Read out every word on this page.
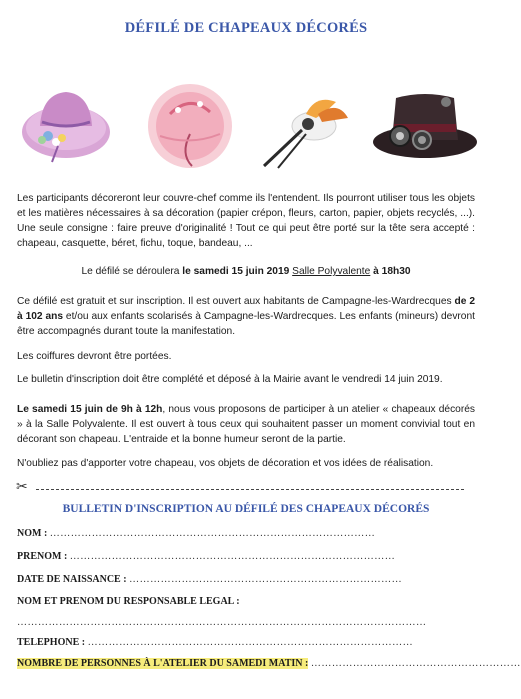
DÉFILÉ DE CHAPEAUX DÉCORÉS

Les participants décoreront leur couvre-chef comme ils l'entendent. Ils pourront utiliser tous les objets et les matières nécessaires à sa décoration (papier crépon, fleurs, carton, papier, objets recyclés, ...). Une seule consigne : faire preuve d'originalité ! Tout ce qui peut être porté sur la tête sera accepté : chapeau, casquette, béret, fichu, toque, bandeau, ...

Le défilé se déroulera le samedi 15 juin 2019 Salle Polyvalente à 18h30

Ce défilé est gratuit et sur inscription. Il est ouvert aux habitants de Campagne-les-Wardrecques de 2 à 102 ans et/ou aux enfants scolarisés à Campagne-les-Wardrecques. Les enfants (mineurs) devront être accompagnés durant toute la manifestation.

Les coiffures devront être portées.

Le bulletin d'inscription doit être complété et déposé à la Mairie avant le vendredi 14 juin 2019.

Le samedi 15 juin de 9h à 12h, nous vous proposons de participer à un atelier « chapeaux décorés » à la Salle Polyvalente. Il est ouvert à tous ceux qui souhaitent passer un moment convivial tout en décorant son chapeau. L'entraide et la bonne humeur seront de la partie.

N'oubliez pas d'apporter votre chapeau, vos objets de décoration et vos idées de réalisation.

✂
BULLETIN D'INSCRIPTION AU DÉFILÉ DES CHAPEAUX DÉCORÉS
NOM : …………………………………………………………………………………
PRENOM : …………………………………………………………………………………
DATE DE NAISSANCE : ……………………………………………………………………
NOM ET PRENOM DU RESPONSABLE LEGAL :
………………………………………………………………………………………………………
TELEPHONE : …………………………………………………………………………………
NOMBRE DE PERSONNES À L'ATELIER DU SAMEDI MATIN : ……………………………………………………
